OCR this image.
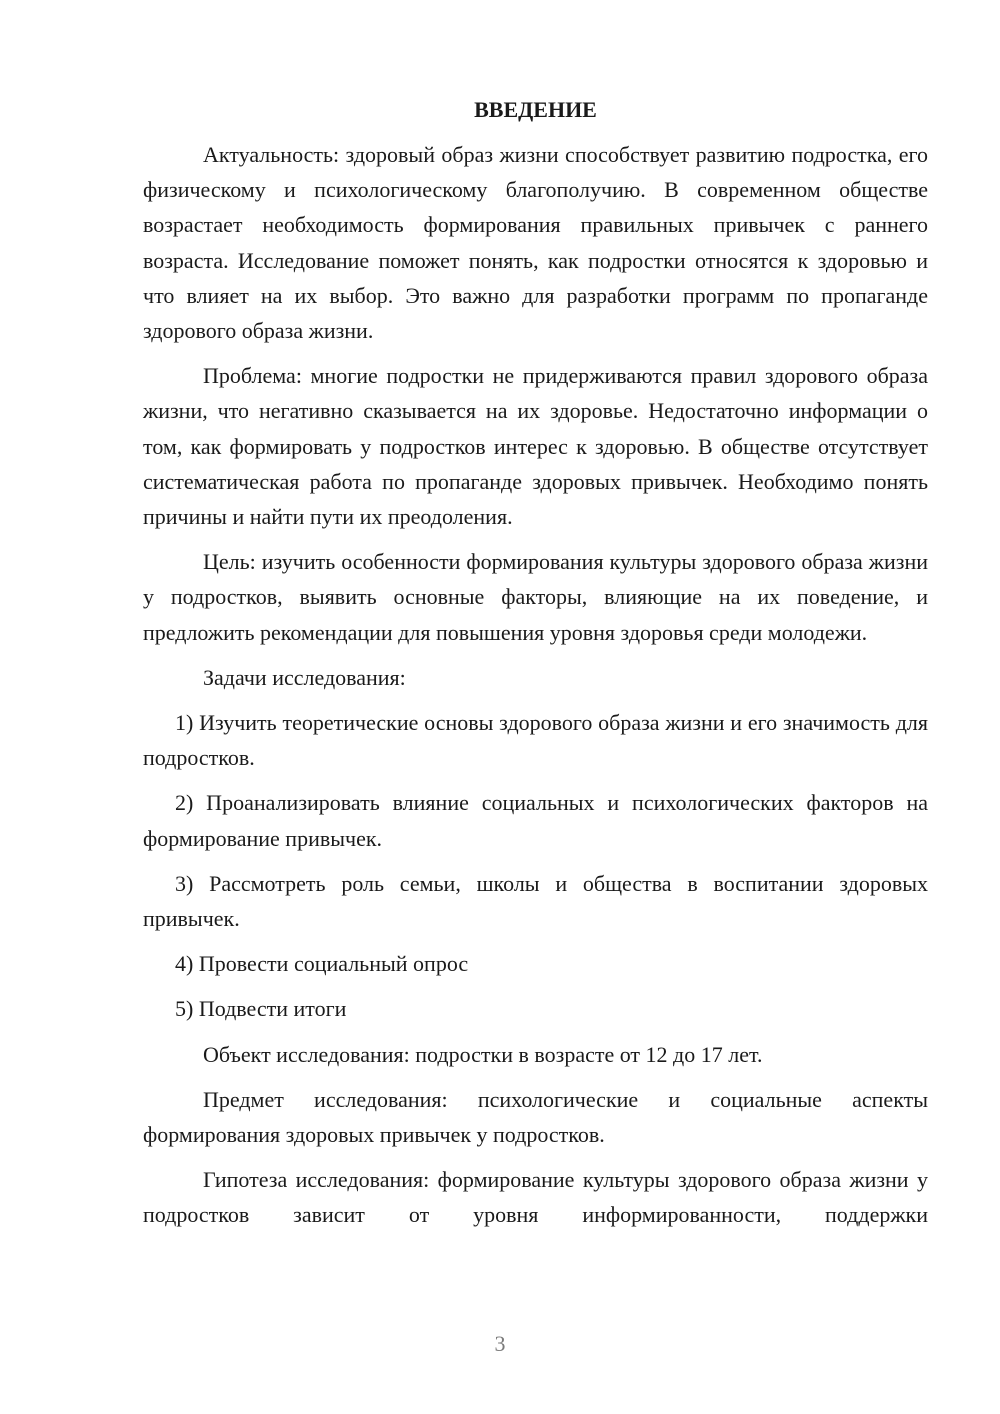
ВВЕДЕНИЕ

Актуальность: здоровый образ жизни способствует развитию подростка, его физическому и психологическому благополучию. В современном обществе возрастает необходимость формирования правильных привычек с раннего возраста. Исследование поможет понять, как подростки относятся к здоровью и что влияет на их выбор. Это важно для разработки программ по пропаганде здорового образа жизни.

Проблема: многие подростки не придерживаются правил здорового образа жизни, что негативно сказывается на их здоровье. Недостаточно информации о том, как формировать у подростков интерес к здоровью. В обществе отсутствует систематическая работа по пропаганде здоровых привычек. Необходимо понять причины и найти пути их преодоления.

Цель: изучить особенности формирования культуры здорового образа жизни у подростков, выявить основные факторы, влияющие на их поведение, и предложить рекомендации для повышения уровня здоровья среди молодежи.

Задачи исследования:

1) Изучить теоретические основы здорового образа жизни и его значимость для подростков.

2) Проанализировать влияние социальных и психологических факторов на формирование привычек.

3) Рассмотреть роль семьи, школы и общества в воспитании здоровых привычек.

4) Провести социальный опрос

5) Подвести итоги

Объект исследования: подростки в возрасте от 12 до 17 лет.

Предмет исследования: психологические и социальные аспекты формирования здоровых привычек у подростков.

Гипотеза исследования: формирование культуры здорового образа жизни у подростков зависит от уровня информированности, поддержки

3
